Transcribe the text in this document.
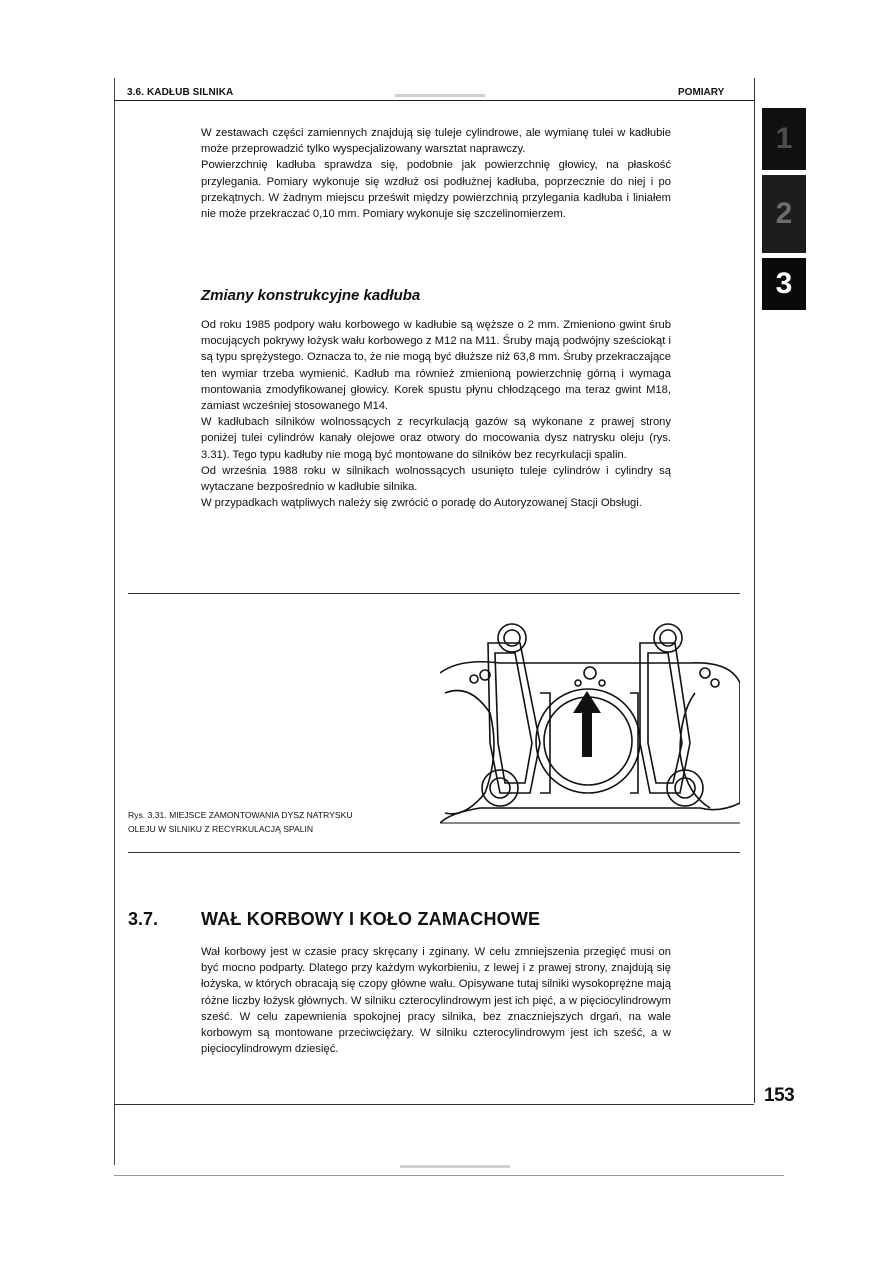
3.6. KADŁUB SILNIKA	POMIARY
1
2
3

W zestawach części zamiennych znajdują się tuleje cylindrowe, ale wymianę tulei w kadłubie może przeprowadzić tylko wyspecjalizowany warsztat naprawczy.

Powierzchnię kadłuba sprawdza się, podobnie jak powierzchnię głowicy, na płaskość przylegania. Pomiary wykonuje się wzdłuż osi podłużnej kadłuba, poprzecznie do niej i po przekątnych. W żadnym miejscu prześwit między powierzchnią przylegania kadłuba i liniałem nie może przekraczać 0,10 mm. Pomiary wykonuje się szczelinomierzem.

Zmiany konstrukcyjne kadłuba

Od roku 1985 podpory wału korbowego w kadłubie są węższe o 2 mm. Zmieniono gwint śrub mocujących pokrywy łożysk wału korbowego z M12 na M11. Śruby mają podwójny sześciokąt i są typu sprężystego. Oznacza to, że nie mogą być dłuższe niż 63,8 mm. Śruby przekraczające ten wymiar trzeba wymienić. Kadłub ma również zmienioną powierzchnię górną i wymaga montowania zmodyfikowanej głowicy. Korek spustu płynu chłodzącego ma teraz gwint M18, zamiast wcześniej stosowanego M14.

W kadłubach silników wolnossących z recyrkulacją gazów są wykonane z prawej strony poniżej tulei cylindrów kanały olejowe oraz otwory do mocowania dysz natrysku oleju (rys. 3.31). Tego typu kadłuby nie mogą być montowane do silników bez recyrkulacji spalin.

Od września 1988 roku w silnikach wolnossących usunięto tuleje cylindrów i cylindry są wytaczane bezpośrednio w kadłubie silnika.

W przypadkach wątpliwych należy się zwrócić o poradę do Autoryzowanej Stacji Obsługi.

Rys. 3.31. MIEJSCE ZAMONTOWANIA DYSZ NATRYSKU
OLEJU W SILNIKU Z RECYRKULACJĄ SPALIN
3.7. WAŁ KORBOWY I KOŁO ZAMACHOWE

Wał korbowy jest w czasie pracy skręcany i zginany. W celu zmniejszenia przegięć musi on być mocno podparty. Dlatego przy każdym wykorbieniu, z lewej i z prawej strony, znajdują się łożyska, w których obracają się czopy główne wału. Opisywane tutaj silniki wysokoprężne mają różne liczby łożysk głównych. W silniku czterocylindrowym jest ich pięć, a w pięciocylindrowym sześć. W celu zapewnienia spokojnej pracy silnika, bez znaczniejszych drgań, na wale korbowym są montowane przeciwciężary. W silniku czterocylindrowym jest ich sześć, a w pięciocylindrowym dziesięć.

153
